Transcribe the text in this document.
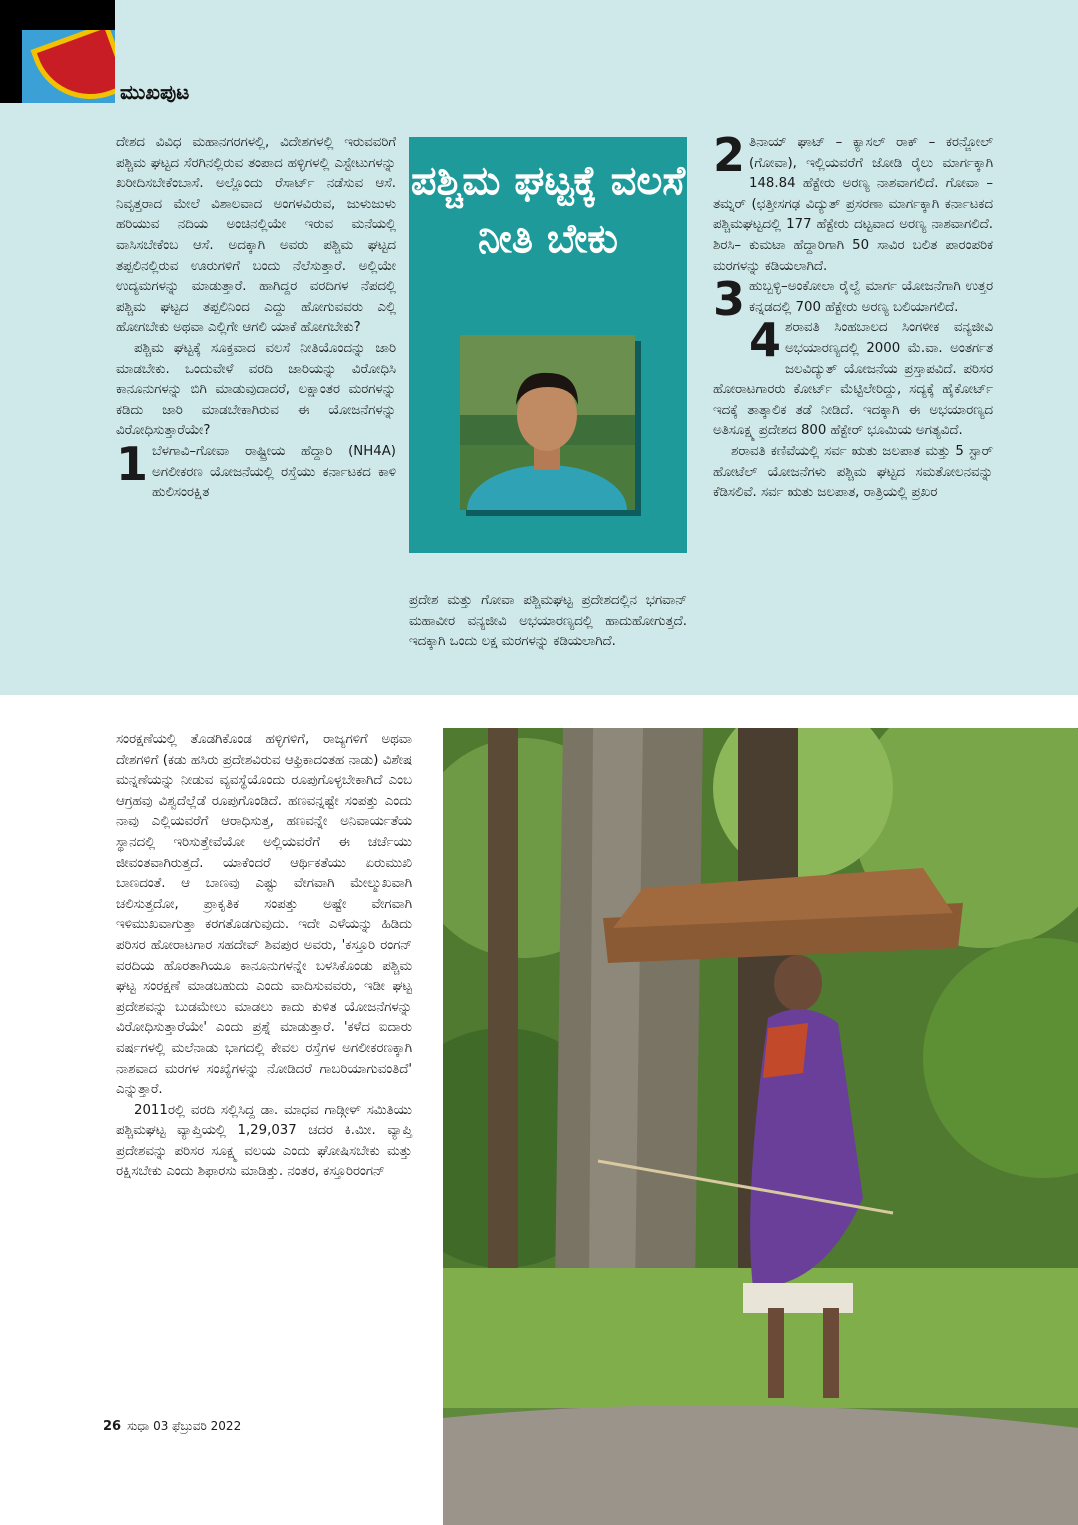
ಮುಖಪುಟ

ದೇಶದ ವಿವಿಧ ಮಹಾನಗರಗಳಲ್ಲಿ, ವಿದೇಶಗಳಲ್ಲಿ ಇರುವವರಿಗೆ ಪಶ್ಚಿಮ ಘಟ್ಟದ ಸೆರಗಿನಲ್ಲಿರುವ ತಂಪಾದ ಹಳ್ಳಿಗಳಲ್ಲಿ ಎಸ್ಟೇಟುಗಳನ್ನು ಖರೀದಿಸಬೇಕೆಂಬಾಸೆ. ಅಲ್ಲೊಂದು ರೆಸಾರ್ಟ್ ನಡೆಸುವ ಆಸೆ. ನಿವೃತ್ತರಾದ ಮೇಲೆ ವಿಶಾಲವಾದ ಅಂಗಳವಿರುವ, ಜುಳುಜುಳು ಹರಿಯುವ ನದಿಯ ಅಂಚಿನಲ್ಲಿಯೇ ಇರುವ ಮನೆಯಲ್ಲಿ ವಾಸಿಸಬೇಕೆಂಬ ಆಸೆ. ಅದಕ್ಕಾಗಿ ಅವರು ಪಶ್ಚಿಮ ಘಟ್ಟದ ತಪ್ಪಲಿನಲ್ಲಿರುವ ಊರುಗಳಿಗೆ ಬಂದು ನೆಲೆಸುತ್ತಾರೆ. ಅಲ್ಲಿಯೇ ಉದ್ಯಮಗಳನ್ನು ಮಾಡುತ್ತಾರೆ. ಹಾಗಿದ್ದರ ವರದಿಗಳ ನೆಪದಲ್ಲಿ ಪಶ್ಚಿಮ ಘಟ್ಟದ ತಪ್ಪಲಿನಿಂದ ಎದ್ದು ಹೋಗುವವರು ಎಲ್ಲಿ ಹೋಗಬೇಕು ಅಥವಾ ಎಲ್ಲಿಗೇ ಆಗಲಿ ಯಾಕೆ ಹೋಗಬೇಕು?

ಪಶ್ಚಿಮ ಘಟ್ಟಕ್ಕೆ ಸೂಕ್ತವಾದ ವಲಸೆ ನೀತಿಯೊಂದನ್ನು ಜಾರಿ ಮಾಡಬೇಕು. ಒಂದುವೇಳೆ ವರದಿ ಜಾರಿಯನ್ನು ವಿರೋಧಿಸಿ ಕಾನೂನುಗಳನ್ನು ಬಿಗಿ ಮಾಡುವುದಾದರೆ, ಲಕ್ಷಾಂತರ ಮರಗಳನ್ನು ಕಡಿದು ಜಾರಿ ಮಾಡಬೇಕಾಗಿರುವ ಈ ಯೋಜನೆಗಳನ್ನು ವಿರೋಧಿಸುತ್ತಾರೆಯೇ?

1 ಬೆಳಗಾವಿ–ಗೋವಾ ರಾಷ್ಟ್ರೀಯ ಹೆದ್ದಾರಿ (NH4A) ಅಗಲೀಕರಣ ಯೋಜನೆಯಲ್ಲಿ ರಸ್ತೆಯು ಕರ್ನಾಟಕದ ಕಾಳಿ ಹುಲಿಸಂರಕ್ಷಿತ
ಪಶ್ಚಿಮ ಘಟ್ಟಕ್ಕೆ ವಲಸೆ ನೀತಿ ಬೇಕು
ಪ್ರದೇಶ ಮತ್ತು ಗೋವಾ ಪಶ್ಚಿಮಘಟ್ಟ ಪ್ರದೇಶದಲ್ಲಿನ ಭಗವಾನ್ ಮಹಾವೀರ ವನ್ಯಜೀವಿ ಅಭಯಾರಣ್ಯದಲ್ಲಿ ಹಾದುಹೋಗುತ್ತದೆ. ಇದಕ್ಕಾಗಿ ಒಂದು ಲಕ್ಷ ಮರಗಳನ್ನು ಕಡಿಯಲಾಗಿದೆ.
2 ತಿನಾಯ್ ಘಾಟ್ – ಕ್ಯಾಸಲ್ ರಾಕ್ – ಕರನ್ಜೋಲ್ (ಗೋವಾ), ಇಲ್ಲಿಯವರೆಗೆ ಜೋಡಿ ರೈಲು ಮಾರ್ಗಕ್ಕಾಗಿ 148.84 ಹೆಕ್ಟೇರು ಅರಣ್ಯ ನಾಶವಾಗಲಿದೆ. ಗೋವಾ –ತಮ್ನರ್ (ಛತ್ತೀಸಗಢ ವಿದ್ಯುತ್ ಪ್ರಸರಣಾ ಮಾರ್ಗಕ್ಕಾಗಿ ಕರ್ನಾಟಕದ ಪಶ್ಚಿಮಘಟ್ಟದಲ್ಲಿ 177 ಹೆಕ್ಟೇರು ದಟ್ಟವಾದ ಅರಣ್ಯ ನಾಶವಾಗಲಿದೆ. ಶಿರಸಿ– ಕುಮಟಾ ಹೆದ್ದಾರಿಗಾಗಿ 50 ಸಾವಿರ ಬಲಿತ ಪಾರಂಪರಿಕ ಮರಗಳನ್ನು ಕಡಿಯಲಾಗಿದೆ.
3 ಹುಬ್ಬಳ್ಳಿ–ಅಂಕೋಲಾ ರೈಲ್ವೆ ಮಾರ್ಗ ಯೋಜನೆಗಾಗಿ ಉತ್ತರ ಕನ್ನಡದಲ್ಲಿ 700 ಹೆಕ್ಟೇರು ಅರಣ್ಯ ಬಲಿಯಾಗಲಿದೆ.
4 ಶರಾವತಿ ಸಿಂಹಬಾಲದ ಸಿಂಗಳೀಕ ವನ್ಯಜೀವಿ ಅಭಯಾರಣ್ಯದಲ್ಲಿ 2000 ಮೆ.ವಾ. ಅಂತರ್ಗತ ಜಲವಿದ್ಯುತ್ ಯೋಜನೆಯ ಪ್ರಸ್ತಾಪವಿದೆ. ಪರಿಸರ ಹೋರಾಟಗಾರರು ಕೋರ್ಟ್ ಮೆಟ್ಟಿಲೇರಿದ್ದು, ಸದ್ಯಕ್ಕೆ ಹೈಕೋರ್ಟ್ ಇದಕ್ಕೆ ತಾತ್ಕಾಲಿಕ ತಡೆ ನೀಡಿದೆ. ಇದಕ್ಕಾಗಿ ಈ ಅಭಯಾರಣ್ಯದ ಅತಿಸೂಕ್ಷ್ಮ ಪ್ರದೇಶದ 800 ಹೆಕ್ಟೇರ್ ಭೂಮಿಯ ಅಗತ್ಯವಿದೆ.

ಶರಾವತಿ ಕಣಿವೆಯಲ್ಲಿ ಸರ್ವ ಋತು ಜಲಪಾತ ಮತ್ತು 5 ಸ್ಟಾರ್ ಹೋಟೆಲ್ ಯೋಜನೆಗಳು ಪಶ್ಚಿಮ ಘಟ್ಟದ ಸಮತೋಲನವನ್ನು ಕೆಡಿಸಲಿವೆ. ಸರ್ವ ಋತು ಜಲಪಾತ, ರಾತ್ರಿಯಲ್ಲಿ ಪ್ರಖರ

ಸಂರಕ್ಷಣೆಯಲ್ಲಿ ತೊಡಗಿಕೊಂಡ ಹಳ್ಳಿಗಳಿಗೆ, ರಾಜ್ಯಗಳಿಗೆ ಅಥವಾ ದೇಶಗಳಿಗೆ (ಕಡು ಹಸಿರು ಪ್ರದೇಶವಿರುವ ಆಫ್ರಿಕಾದಂತಹ ನಾಡು) ವಿಶೇಷ ಮನ್ನಣೆಯನ್ನು ನೀಡುವ ವ್ಯವಸ್ಥೆಯೊಂದು ರೂಪುಗೊಳ್ಳಬೇಕಾಗಿದೆ ಎಂಬ ಆಗ್ರಹವು ವಿಶ್ವದೆಲ್ಲೆಡೆ ರೂಪುಗೊಂಡಿದೆ. ಹಣವನ್ನಷ್ಟೇ ಸಂಪತ್ತು ಎಂದು ನಾವು ಎಲ್ಲಿಯವರೆಗೆ ಆರಾಧಿಸುತ್ತ, ಹಣವನ್ನೇ ಅನಿವಾರ್ಯತೆಯ ಸ್ಥಾನದಲ್ಲಿ ಇರಿಸುತ್ತೇವೆಯೋ ಅಲ್ಲಿಯವರೆಗೆ ಈ ಚರ್ಚೆಯು ಜೀವಂತವಾಗಿರುತ್ತದೆ. ಯಾಕೆಂದರೆ ಆರ್ಥಿಕತೆಯು ಏರುಮುಖಿ ಬಾಣದಂತೆ. ಆ ಬಾಣವು ಎಷ್ಟು ವೇಗವಾಗಿ ಮೇಲ್ಮುಖವಾಗಿ ಚಲಿಸುತ್ತದೋ, ಪ್ರಾಕೃತಿಕ ಸಂಪತ್ತು ಅಷ್ಟೇ ವೇಗವಾಗಿ ಇಳಿಮುಖವಾಗುತ್ತಾ ಕರಗತೊಡಗುವುದು. ಇದೇ ಎಳೆಯನ್ನು ಹಿಡಿದು ಪರಿಸರ ಹೋರಾಟಗಾರ ಸಹದೇವ್ ಶಿವಪುರ ಅವರು, 'ಕಸ್ತೂರಿ ರಂಗನ್ ವರದಿಯ ಹೊರತಾಗಿಯೂ ಕಾನೂನುಗಳನ್ನೇ ಬಳಸಿಕೊಂಡು ಪಶ್ಚಿಮ ಘಟ್ಟ ಸಂರಕ್ಷಣೆ ಮಾಡಬಹುದು ಎಂದು ವಾದಿಸುವವರು, ಇಡೀ ಘಟ್ಟ ಪ್ರದೇಶವನ್ನು ಬುಡಮೇಲು ಮಾಡಲು ಕಾದು ಕುಳಿತ ಯೋಜನೆಗಳನ್ನು ವಿರೋಧಿಸುತ್ತಾರೆಯೇ' ಎಂದು ಪ್ರಶ್ನೆ ಮಾಡುತ್ತಾರೆ. 'ಕಳೆದ ಐದಾರು ವರ್ಷಗಳಲ್ಲಿ ಮಲೆನಾಡು ಭಾಗದಲ್ಲಿ ಕೇವಲ ರಸ್ತೆಗಳ ಅಗಲೀಕರಣಕ್ಕಾಗಿ ನಾಶವಾದ ಮರಗಳ ಸಂಖ್ಯೆಗಳನ್ನು ನೋಡಿದರೆ ಗಾಬರಿಯಾಗುವಂತಿದೆ' ಎನ್ನುತ್ತಾರೆ.

2011ರಲ್ಲಿ ವರದಿ ಸಲ್ಲಿಸಿದ್ದ ಡಾ. ಮಾಧವ ಗಾಡ್ಗೀಳ್ ಸಮಿತಿಯು ಪಶ್ಚಿಮಘಟ್ಟ ವ್ಯಾಪ್ತಿಯಲ್ಲಿ 1,29,037 ಚದರ ಕಿ.ಮೀ. ವ್ಯಾಪ್ತಿ ಪ್ರದೇಶವನ್ನು ಪರಿಸರ ಸೂಕ್ಷ್ಮ ವಲಯ ಎಂದು ಘೋಷಿಸಬೇಕು ಮತ್ತು ರಕ್ಷಿಸಬೇಕು ಎಂದು ಶಿಫಾರಸು ಮಾಡಿತ್ತು. ನಂತರ, ಕಸ್ತೂರಿರಂಗನ್

26 ಸುಧಾ 03 ಫೆಬ್ರುವರಿ 2022
